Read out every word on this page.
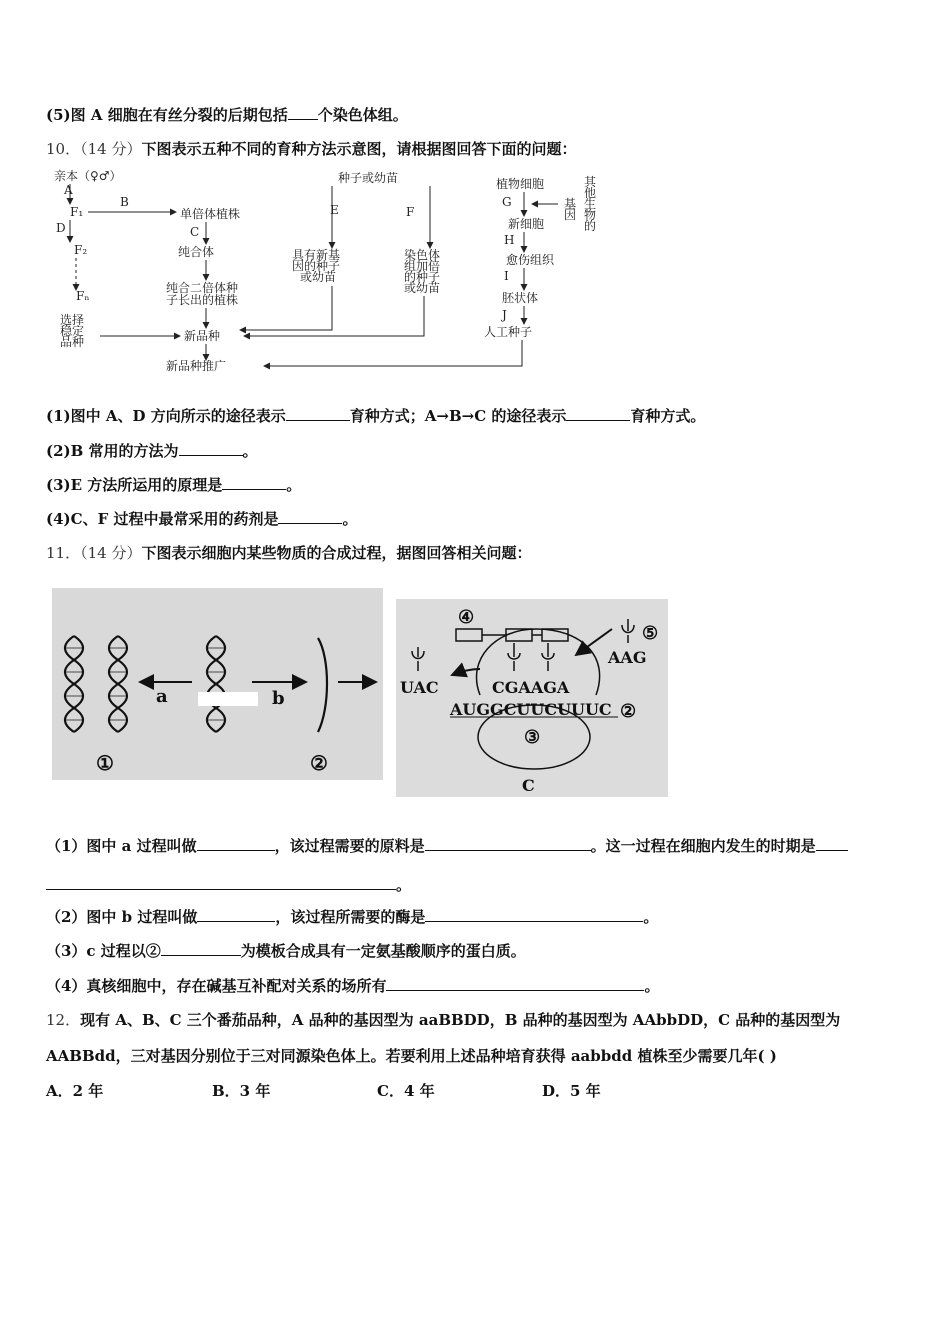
(5)图 A 细胞在有丝分裂的后期包括 个染色体组。
10．（14 分）下图表示五种不同的育种方法示意图，请根据图回答下面的问题：
亲本（♀♂）
A
F₁
B
D
F₂
Fₙ
选择
稳定
品种
单倍体植株
C
纯合体
纯合二倍体种
子长出的植株
新品种
新品种推广
种子或幼苗
E	F
具有新基
因的种子
或幼苗
染色体
组加倍
的种子
或幼苗
植物细胞
G
其
他
生
物
的
基
因
新细胞
H
愈伤组织
I
胚状体
J
人工种子
(1)图中 A、D 方向所示的途径表示	育种方式；A→B→C 的途径表示	育种方式。
(2)B 常用的方法为	。
(3)E 方法所运用的原理是	。
(4)C、F 过程中最常采用的药剂是	。
11．（14 分）下图表示细胞内某些物质的合成过程，据图回答相关问题：
a	b
①	②
④
⑤
UAC	CGAAGA
AAG
AUGGCUUCUUUC ②
③
C
（1）图中 a 过程叫做	，该过程需要的原料是	。这一过程在细胞内发生的时期是
。
（2）图中 b 过程叫做	，该过程所需要的酶是	。
（3）c 过程以②	为模板合成具有一定氨基酸顺序的蛋白质。
（4）真核细胞中，存在碱基互补配对关系的场所有	。
12．现有 A、B、C 三个番茄品种，A 品种的基因型为 aaBBDD，B 品种的基因型为 AAbbDD，C 品种的基因型为
AABBdd，三对基因分别位于三对同源染色体上。若要利用上述品种培育获得 aabbdd 植株至少需要几年( )
A．2 年	B．3 年	C．4 年	D．5 年
